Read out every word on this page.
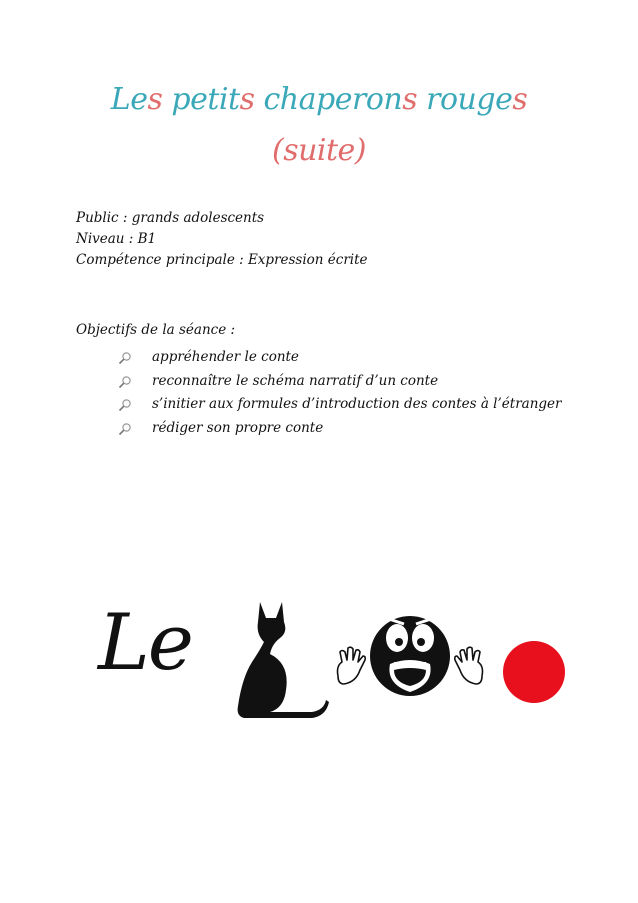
Les petits chaperons rouges
(suite)
Public : grands adolescents
Niveau : B1
Compétence principale : Expression écrite
Objectifs de la séance :
appréhender le conte
reconnaître le schéma narratif d’un conte
s’initier aux formules d’introduction des contes à l’étranger
rédiger son propre conte
Le
